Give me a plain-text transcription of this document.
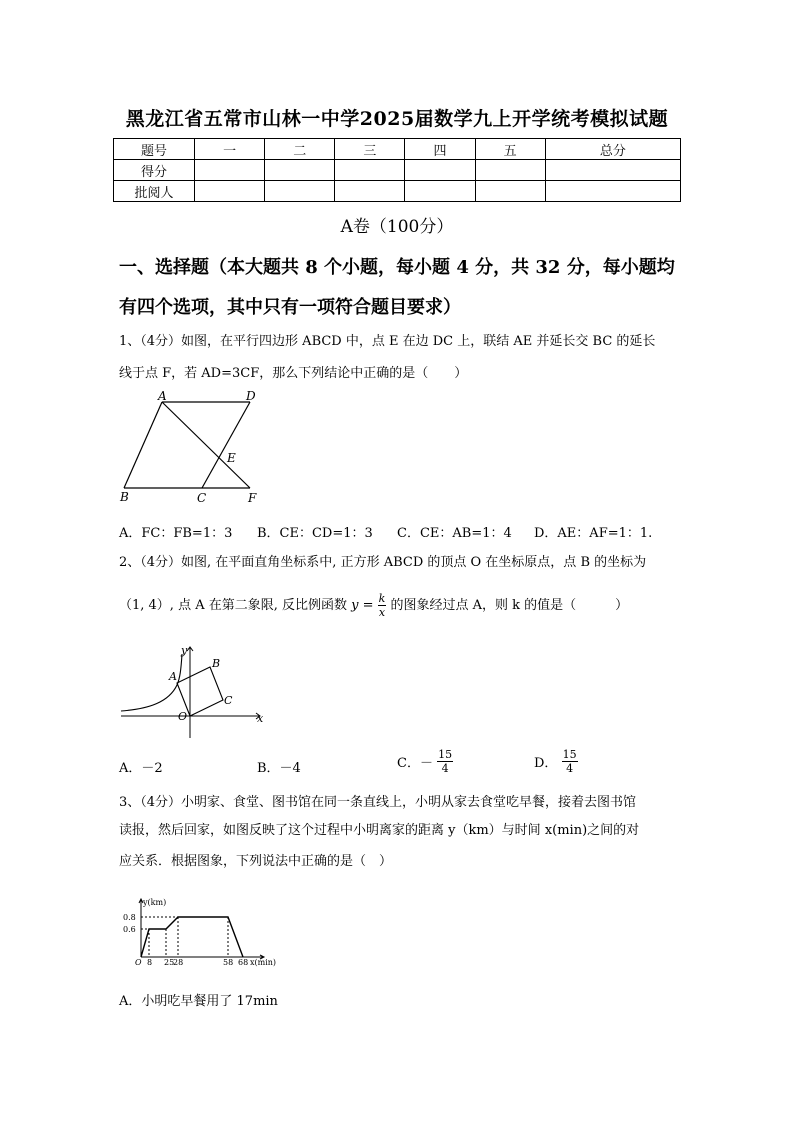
黑龙江省五常市山林一中学2025届数学九上开学统考模拟试题
题号	一	二	三	四	五	总分
得分						
批阅人						
A卷（100分）
一、选择题（本大题共 8 个小题，每小题 4 分，共 32 分，每小题均
有四个选项，其中只有一项符合题目要求）
1、（4分）如图，在平行四边形 ABCD 中，点 E 在边 DC 上，联结 AE 并延长交 BC 的延长
线于点 F，若 AD=3CF，那么下列结论中正确的是（　　）
A	D
E
B	C	F
A．FC：FB=1：3 B．CE：CD=1：3 C．CE：AB=1：4 D．AE：AF=1：1.
2、（4分）如图, 在平面直角坐标系中, 正方形 ABCD 的顶点 O 在坐标原点，点 B 的坐标为
（1, 4）, 点 A 在第二象限, 反比例函数 $y = \frac{k}{x}$ 的图象经过点 A，则 k 的值是（　　　）
y
x
O
A
B
C
A．－2	B．－4	C．－ $\frac{15}{4}$	D． $\frac{15}{4}$
3、（4分）小明家、食堂、图书馆在同一条直线上，小明从家去食堂吃早餐，接着去图书馆
读报，然后回家，如图反映了这个过程中小明离家的距离 y（km）与时间 x(min)之间的对
应关系．根据图象，下列说法中正确的是（　）
y(km)
0.8
0.6
O 8 25
28	58 68 x(min)
A．小明吃早餐用了 17min
